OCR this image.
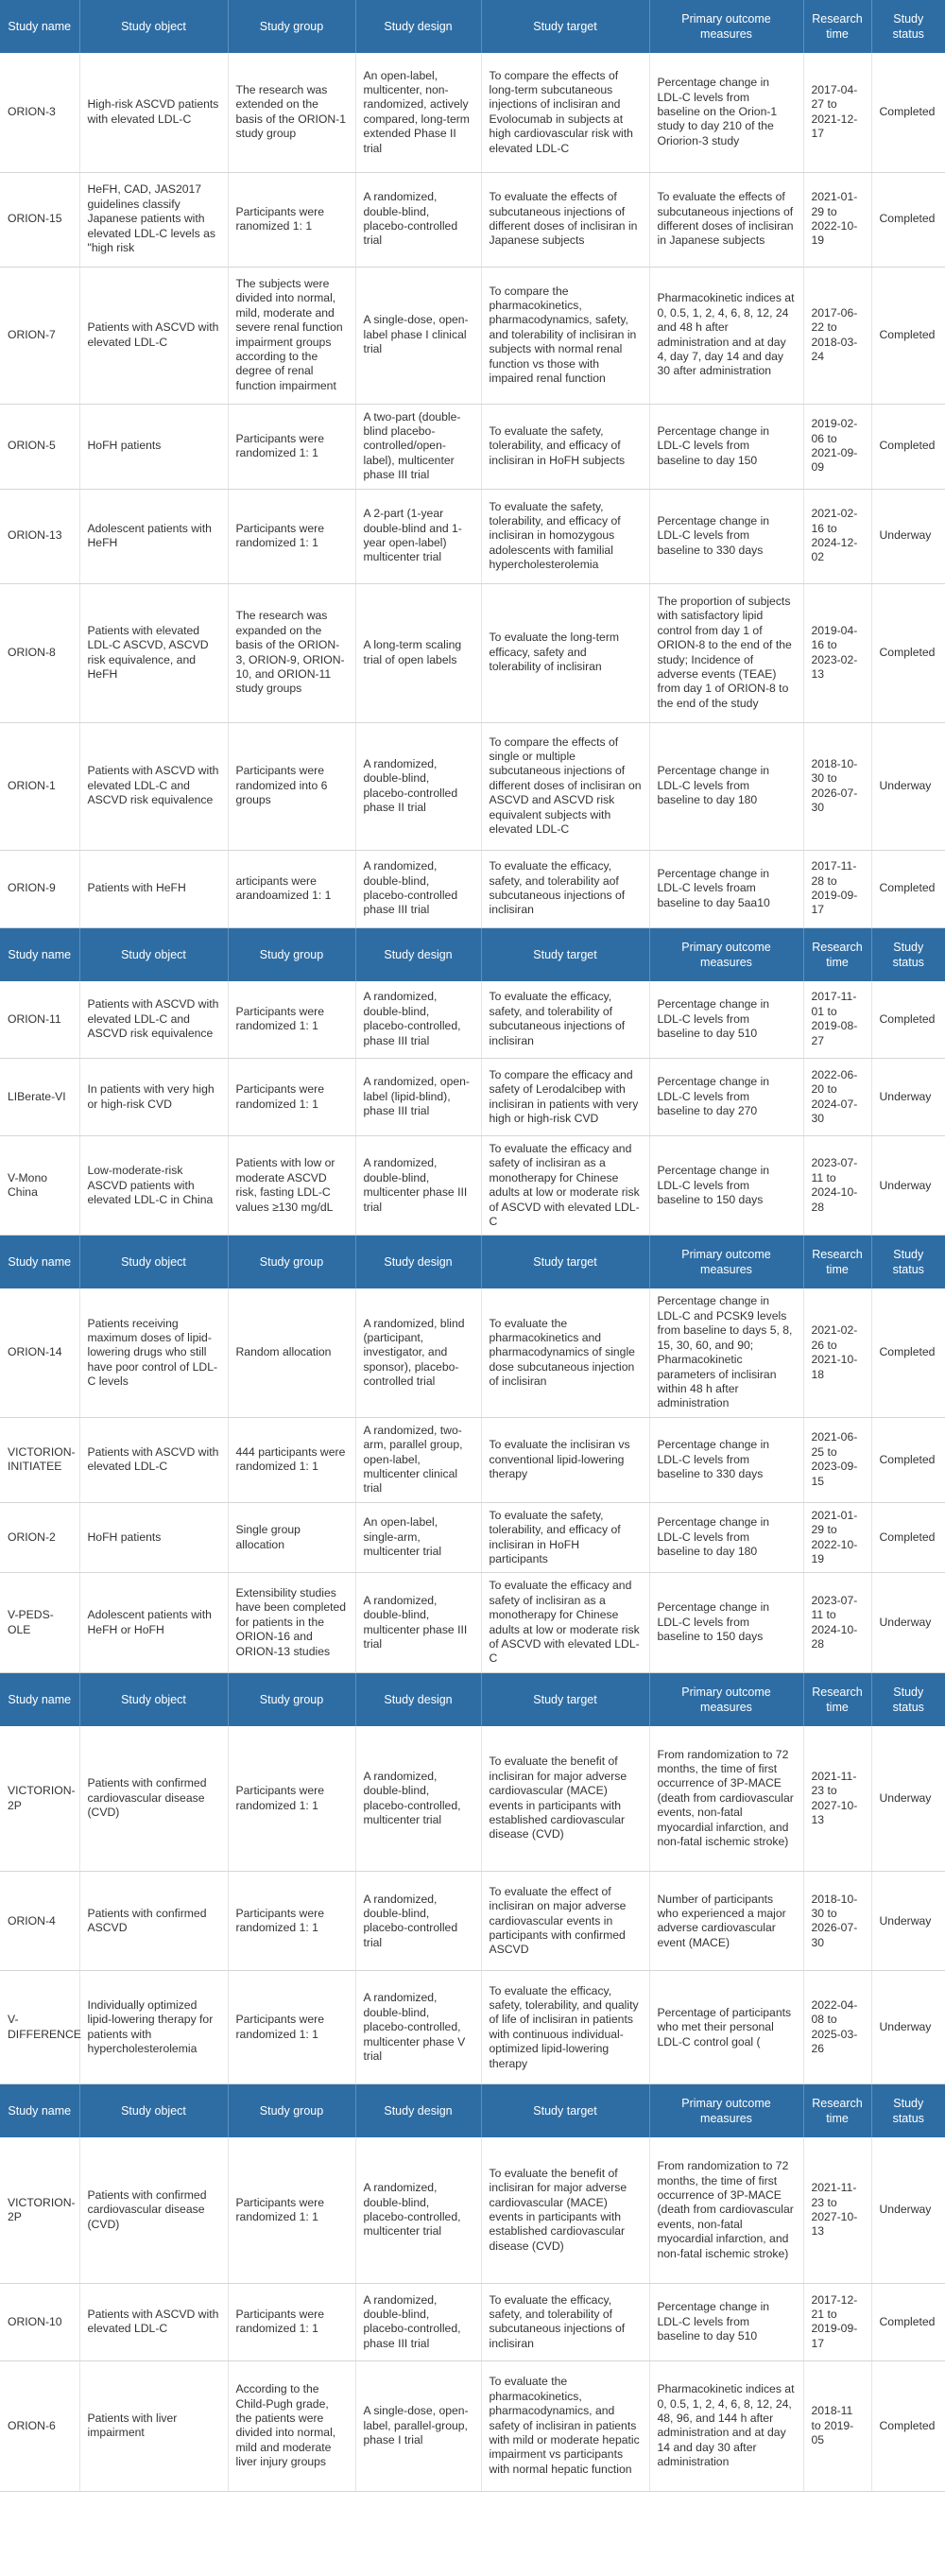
Study name	Study object	Study group	Study design	Study target	Primary outcome measures	Research time	Study status
ORION-3	High-risk ASCVD patients with elevated LDL-C	The research was extended on the basis of the ORION-1 study group	An open-label, multicenter, non-randomized, actively compared, long-term extended Phase II trial	To compare the effects of long-term subcutaneous injections of inclisiran and Evolocumab in subjects at high cardiovascular risk with elevated LDL-C	Percentage change in LDL-C levels from baseline on the Orion-1 study to day 210 of the Oriorion-3 study	2017-04-27 to 2021-12-17	Completed
ORION-15	HeFH, CAD, JAS2017 guidelines classify Japanese patients with elevated LDL-C levels as "high risk	Participants were ranomized 1: 1	A randomized, double-blind, placebo-controlled trial	To evaluate the effects of subcutaneous injections of different doses of inclisiran in Japanese subjects	To evaluate the effects of subcutaneous injections of different doses of inclisiran in Japanese subjects	2021-01-29 to 2022-10-19	Completed
ORION-7	Patients with ASCVD with elevated LDL-C	The subjects were divided into normal, mild, moderate and severe renal function impairment groups according to the degree of renal function impairment	A single-dose, open-label phase I clinical trial	To compare the pharmacokinetics, pharmacodynamics, safety, and tolerability of inclisiran in subjects with normal renal function vs those with impaired renal function	Pharmacokinetic indices at 0, 0.5, 1, 2, 4, 6, 8, 12, 24 and 48 h after administration and at day 4, day 7, day 14 and day 30 after administration	2017-06-22 to 2018-03-24	Completed
ORION-5	HoFH patients	Participants were randomized 1: 1	A two-part (double-blind placebo-controlled/open-label), multicenter phase III trial	To evaluate the safety, tolerability, and efficacy of inclisiran in HoFH subjects	Percentage change in LDL-C levels from baseline to day 150	2019-02-06 to 2021-09-09	Completed
ORION-13	Adolescent patients with HeFH	Participants were randomized 1: 1	A 2-part (1-year double-blind and 1-year open-label) multicenter trial	To evaluate the safety, tolerability, and efficacy of inclisiran in homozygous adolescents with familial hypercholesterolemia	Percentage change in LDL-C levels from baseline to 330 days	2021-02-16 to 2024-12-02	Underway
ORION-8	Patients with elevated LDL-C ASCVD, ASCVD risk equivalence, and HeFH	The research was expanded on the basis of the ORION-3, ORION-9, ORION-10, and ORION-11 study groups	A long-term scaling trial of open labels	To evaluate the long-term efficacy, safety and tolerability of inclisiran	The proportion of subjects with satisfactory lipid control from day 1 of ORION-8 to the end of the study; Incidence of adverse events (TEAE) from day 1 of ORION-8 to the end of the study	2019-04-16 to 2023-02-13	Completed
ORION-1	Patients with ASCVD with elevated LDL-C and ASCVD risk equivalence	Participants were randomized into 6 groups	A randomized, double-blind, placebo-controlled phase II trial	To compare the effects of single or multiple subcutaneous injections of different doses of inclisiran on ASCVD and ASCVD risk equivalent subjects with elevated LDL-C	Percentage change in LDL-C levels from baseline to day 180	2018-10-30 to 2026-07-30	Underway
ORION-9	Patients with HeFH	articipants were arandoamized 1: 1	A randomized, double-blind, placebo-controlled phase III trial	To evaluate the efficacy, safety, and tolerability aof subcutaneous injections of inclisiran	Percentage change in LDL-C levels froam baseline to day 5aa10	2017-11-28 to 2019-09-17	Completed
Study name	Study object	Study group	Study design	Study target	Primary outcome measures	Research time	Study status
ORION-11	Patients with ASCVD with elevated LDL-C and ASCVD risk equivalence	Participants were randomized 1: 1	A randomized, double-blind, placebo-controlled, phase III trial	To evaluate the efficacy, safety, and tolerability of subcutaneous injections of inclisiran	Percentage change in LDL-C levels from baseline to day 510	2017-11-01 to 2019-08-27	Completed
LIBerate-VI	In patients with very high or high-risk CVD	Participants were randomized 1: 1	A randomized, open-label (lipid-blind), phase III trial	To compare the efficacy and safety of Lerodalcibep with inclisiran in patients with very high or high-risk CVD	Percentage change in LDL-C levels from baseline to day 270	2022-06-20 to 2024-07-30	Underway
V-Mono China	Low-moderate-risk ASCVD patients with elevated LDL-C in China	Patients with low or moderate ASCVD risk, fasting LDL-C values ≥130 mg/dL	A randomized, double-blind, multicenter phase III trial	To evaluate the efficacy and safety of inclisiran as a monotherapy for Chinese adults at low or moderate risk of ASCVD with elevated LDL-C	Percentage change in LDL-C levels from baseline to 150 days	2023-07-11 to 2024-10-28	Underway
Study name	Study object	Study group	Study design	Study target	Primary outcome measures	Research time	Study status
ORION-14	Patients receiving maximum doses of lipid-lowering drugs who still have poor control of LDL-C levels	Random allocation	A randomized, blind (participant, investigator, and sponsor), placebo-controlled trial	To evaluate the pharmacokinetics and pharmacodynamics of single dose subcutaneous injection of inclisiran	Percentage change in LDL-C and PCSK9 levels from baseline to days 5, 8, 15, 30, 60, and 90; Pharmacokinetic parameters of inclisiran within 48 h after administration	2021-02-26 to 2021-10-18	Completed
VICTORION-INITIATEE	Patients with ASCVD with elevated LDL-C	444 participants were randomized 1: 1	A randomized, two-arm, parallel group, open-label, multicenter clinical trial	To evaluate the inclisiran vs conventional lipid-lowering therapy	Percentage change in LDL-C levels from baseline to 330 days	2021-06-25 to 2023-09-15	Completed
ORION-2	HoFH patients	Single group allocation	An open-label, single-arm, multicenter trial	To evaluate the safety, tolerability, and efficacy of inclisiran in HoFH participants	Percentage change in LDL-C levels from baseline to day 180	2021-01-29 to 2022-10-19	Completed
V-PEDS-OLE	Adolescent patients with HeFH or HoFH	Extensibility studies have been completed for patients in the ORION-16 and ORION-13 studies	A randomized, double-blind, multicenter phase III trial	To evaluate the efficacy and safety of inclisiran as a monotherapy for Chinese adults at low or moderate risk of ASCVD with elevated LDL-C	Percentage change in LDL-C levels from baseline to 150 days	2023-07-11 to 2024-10-28	Underway
Study name	Study object	Study group	Study design	Study target	Primary outcome measures	Research time	Study status
VICTORION-2P	Patients with confirmed cardiovascular disease (CVD)	Participants were randomized 1: 1	A randomized, double-blind, placebo-controlled, multicenter trial	To evaluate the benefit of inclisiran for major adverse cardiovascular (MACE) events in participants with established cardiovascular disease (CVD)	From randomization to 72 months, the time of first occurrence of 3P-MACE (death from cardiovascular events, non-fatal myocardial infarction, and non-fatal ischemic stroke)	2021-11-23 to 2027-10-13	Underway
ORION-4	Patients with confirmed ASCVD	Participants were randomized 1: 1	A randomized, double-blind, placebo-controlled trial	To evaluate the effect of inclisiran on major adverse cardiovascular events in participants with confirmed ASCVD	Number of participants who experienced a major adverse cardiovascular event (MACE)	2018-10-30 to 2026-07-30	Underway
V-DIFFERENCE	Individually optimized lipid-lowering therapy for patients with hypercholesterolemia	Participants were randomized 1: 1	A randomized, double-blind, placebo-controlled, multicenter phase V trial	To evaluate the efficacy, safety, tolerability, and quality of life of inclisiran in patients with continuous individual-optimized lipid-lowering therapy	Percentage of participants who met their personal LDL-C control goal (	2022-04-08 to 2025-03-26	Underway
Study name	Study object	Study group	Study design	Study target	Primary outcome measures	Research time	Study status
VICTORION-2P	Patients with confirmed cardiovascular disease (CVD)	Participants were randomized 1: 1	A randomized, double-blind, placebo-controlled, multicenter trial	To evaluate the benefit of inclisiran for major adverse cardiovascular (MACE) events in participants with established cardiovascular disease (CVD)	From randomization to 72 months, the time of first occurrence of 3P-MACE (death from cardiovascular events, non-fatal myocardial infarction, and non-fatal ischemic stroke)	2021-11-23 to 2027-10-13	Underway
ORION-10	Patients with ASCVD with elevated LDL-C	Participants were randomized 1: 1	A randomized, double-blind, placebo-controlled, phase III trial	To evaluate the efficacy, safety, and tolerability of subcutaneous injections of inclisiran	Percentage change in LDL-C levels from baseline to day 510	2017-12-21 to 2019-09-17	Completed
ORION-6	Patients with liver impairment	According to the Child-Pugh grade, the patients were divided into normal, mild and moderate liver injury groups	A single-dose, open-label, parallel-group, phase I trial	To evaluate the pharmacokinetics, pharmacodynamics, and safety of inclisiran in patients with mild or moderate hepatic impairment vs participants with normal hepatic function	Pharmacokinetic indices at 0, 0.5, 1, 2, 4, 6, 8, 12, 24, 48, 96, and 144 h after administration and at day 14 and day 30 after administration	2018-11 to 2019-05	Completed
